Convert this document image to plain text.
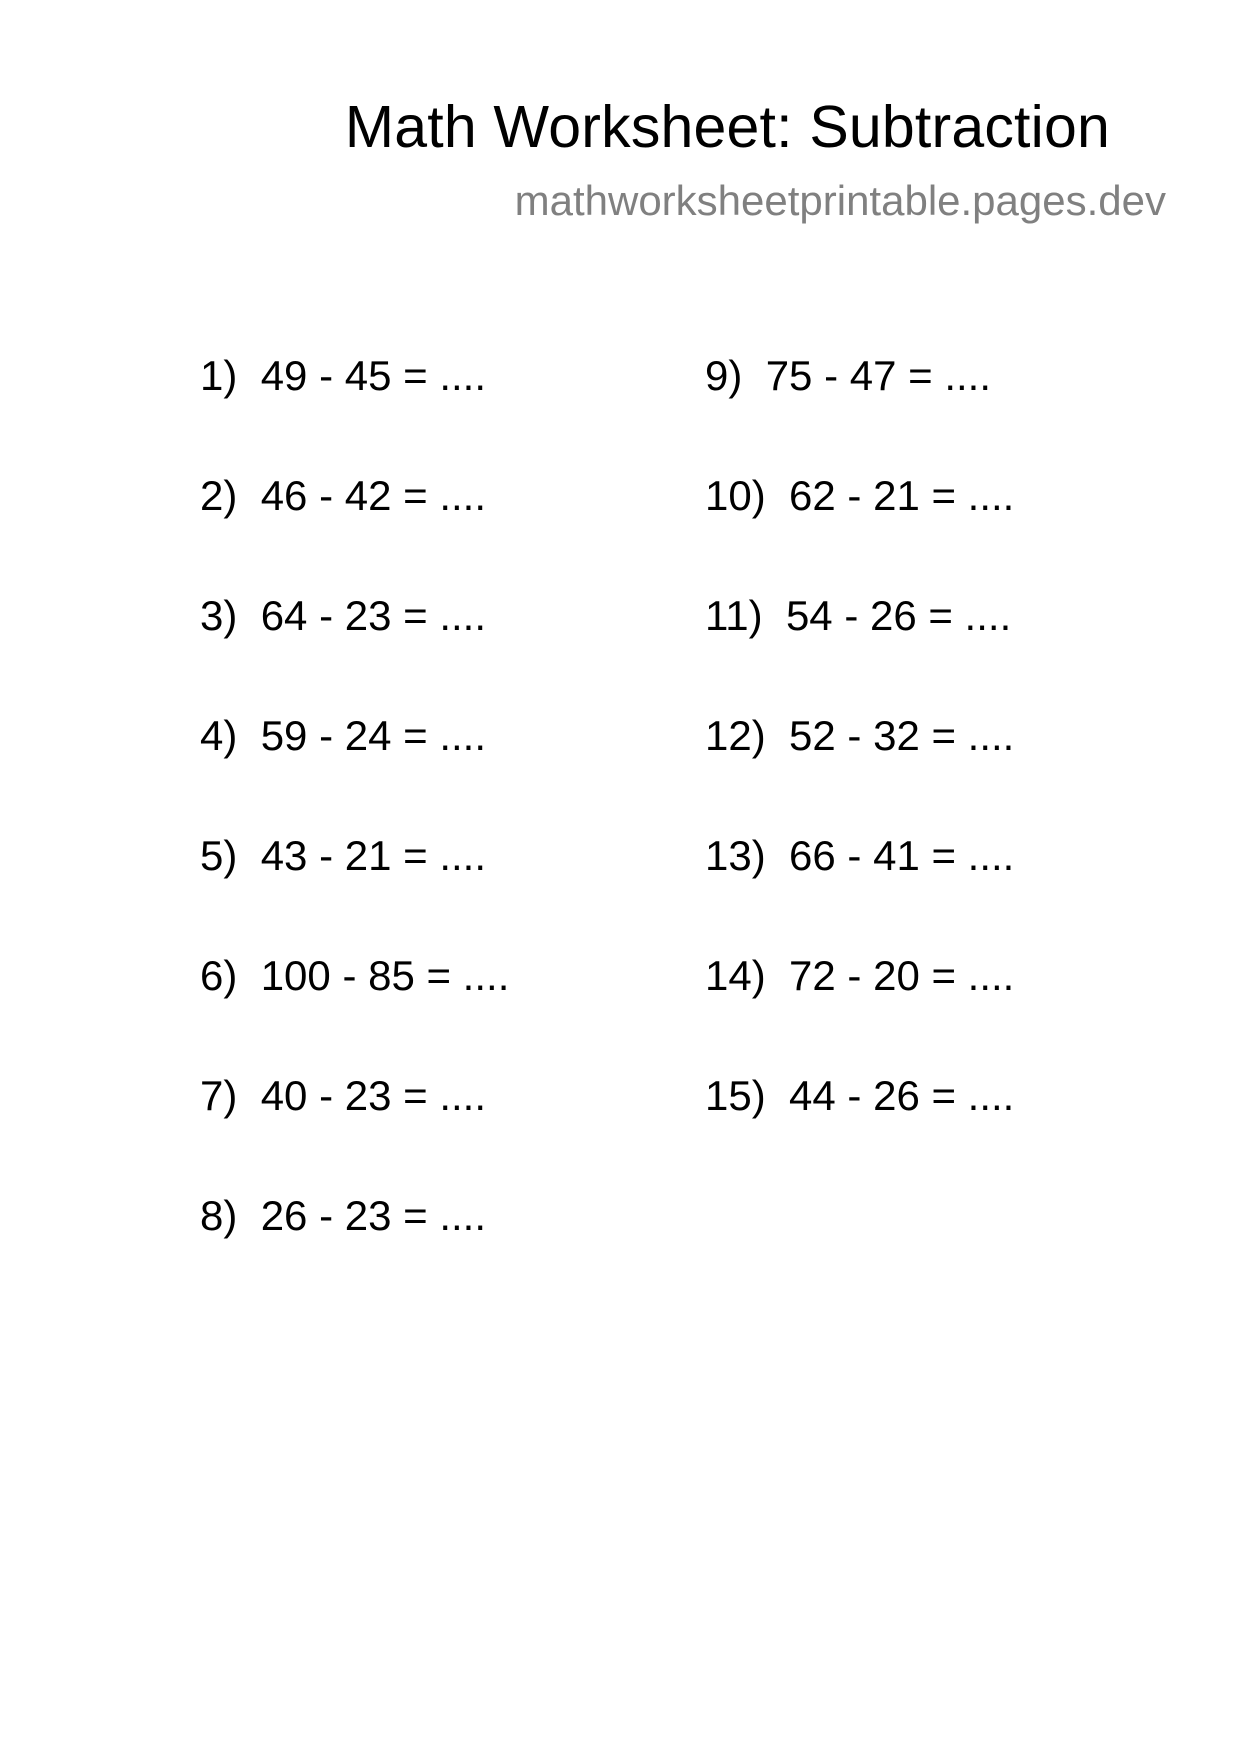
Math Worksheet: Subtraction
mathworksheetprintable.pages.dev
1) 49 - 45 = ....
2) 46 - 42 = ....
3) 64 - 23 = ....
4) 59 - 24 = ....
5) 43 - 21 = ....
6) 100 - 85 = ....
7) 40 - 23 = ....
8) 26 - 23 = ....
9) 75 - 47 = ....
10) 62 - 21 = ....
11) 54 - 26 = ....
12) 52 - 32 = ....
13) 66 - 41 = ....
14) 72 - 20 = ....
15) 44 - 26 = ....
